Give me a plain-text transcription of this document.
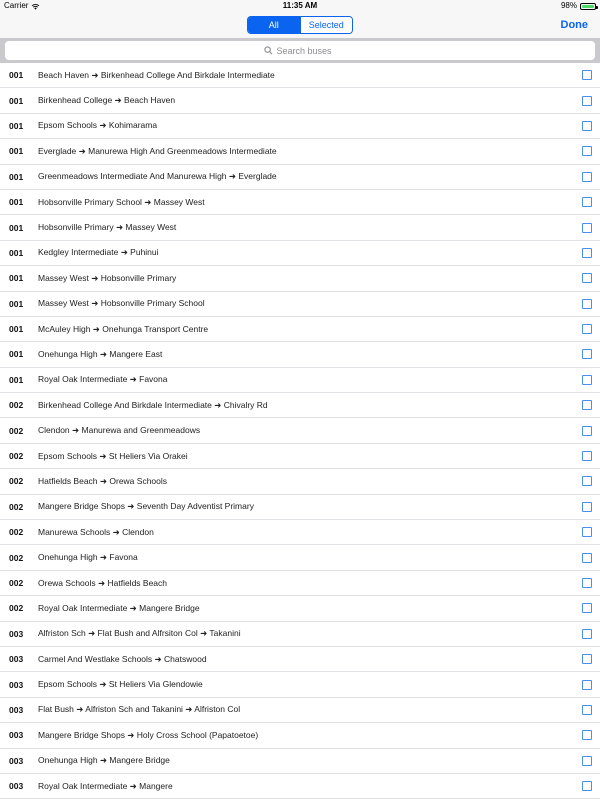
Carrier	11:35 AM	98%
All	Selected	Done
Search buses
001 Beach Haven ➜ Birkenhead College And Birkdale Intermediate
001 Birkenhead College ➜ Beach Haven
001 Epsom Schools ➜ Kohimarama
001 Everglade ➜ Manurewa High And Greenmeadows Intermediate
001 Greenmeadows Intermediate And Manurewa High ➜ Everglade
001 Hobsonville Primary School ➜ Massey West
001 Hobsonville Primary ➜ Massey West
001 Kedgley Intermediate ➜ Puhinui
001 Massey West ➜ Hobsonville Primary
001 Massey West ➜ Hobsonville Primary School
001 McAuley High ➜ Onehunga Transport Centre
001 Onehunga High ➜ Mangere East
001 Royal Oak Intermediate ➜ Favona
002 Birkenhead College And Birkdale Intermediate ➜ Chivalry Rd
002 Clendon ➜ Manurewa and Greenmeadows
002 Epsom Schools ➜ St Heliers Via Orakei
002 Hatfields Beach ➜ Orewa Schools
002 Mangere Bridge Shops ➜ Seventh Day Adventist Primary
002 Manurewa Schools ➜ Clendon
002 Onehunga High ➜ Favona
002 Orewa Schools ➜ Hatfields Beach
002 Royal Oak Intermediate ➜ Mangere Bridge
003 Alfriston Sch ➜ Flat Bush and Alfrsiton Col ➜ Takanini
003 Carmel And Westlake Schools ➜ Chatswood
003 Epsom Schools ➜ St Heliers Via Glendowie
003 Flat Bush ➜ Alfriston Sch and Takanini ➜ Alfriston Col
003 Mangere Bridge Shops ➜ Holy Cross School (Papatoetoe)
003 Onehunga High ➜ Mangere Bridge
003 Royal Oak Intermediate ➜ Mangere
